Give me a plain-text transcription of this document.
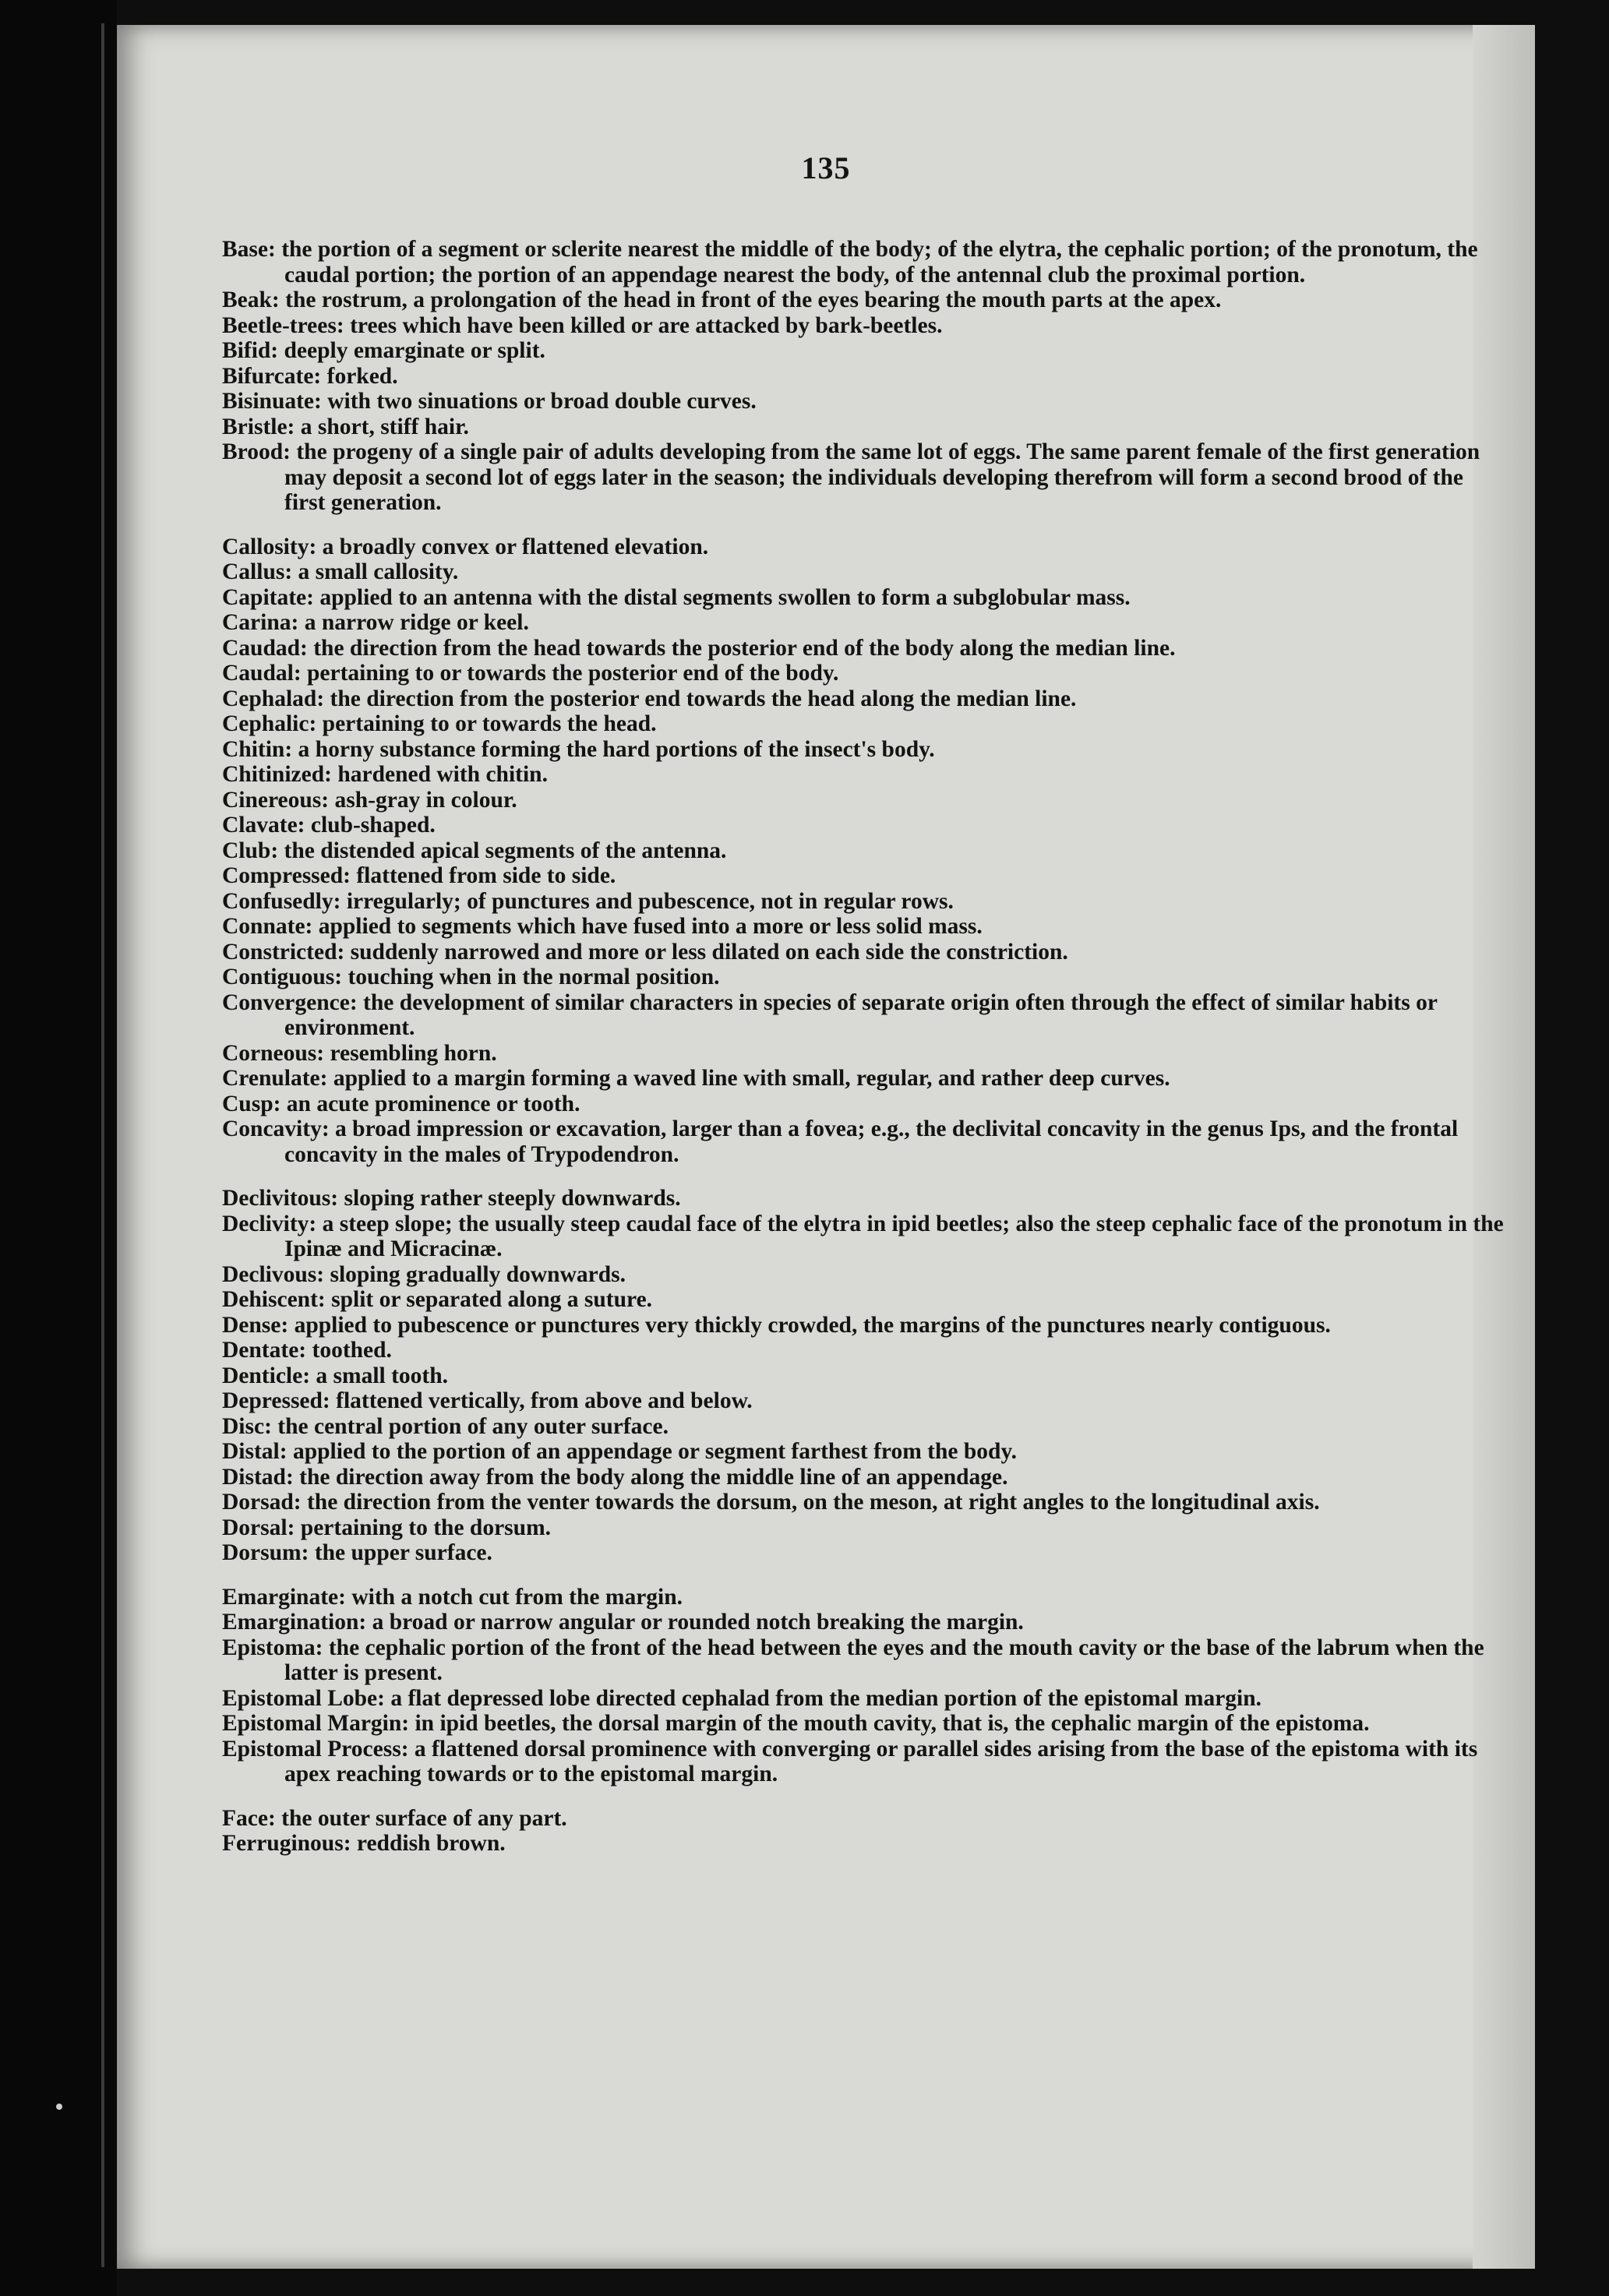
135

Base: the portion of a segment or sclerite nearest the middle of the body; of the elytra, the cephalic portion; of the pronotum, the caudal portion; the portion of an appendage nearest the body, of the antennal club the proximal portion.

Beak: the rostrum, a prolongation of the head in front of the eyes bearing the mouth parts at the apex.

Beetle-trees: trees which have been killed or are attacked by bark-beetles.

Bifid: deeply emarginate or split.

Bifurcate: forked.

Bisinuate: with two sinuations or broad double curves.

Bristle: a short, stiff hair.

Brood: the progeny of a single pair of adults developing from the same lot of eggs. The same parent female of the first generation may deposit a second lot of eggs later in the season; the individuals developing therefrom will form a second brood of the first generation.

Callosity: a broadly convex or flattened elevation.

Callus: a small callosity.

Capitate: applied to an antenna with the distal segments swollen to form a subglobular mass.

Carina: a narrow ridge or keel.

Caudad: the direction from the head towards the posterior end of the body along the median line.

Caudal: pertaining to or towards the posterior end of the body.

Cephalad: the direction from the posterior end towards the head along the median line.

Cephalic: pertaining to or towards the head.

Chitin: a horny substance forming the hard portions of the insect's body.

Chitinized: hardened with chitin.

Cinereous: ash-gray in colour.

Clavate: club-shaped.

Club: the distended apical segments of the antenna.

Compressed: flattened from side to side.

Confusedly: irregularly; of punctures and pubescence, not in regular rows.

Connate: applied to segments which have fused into a more or less solid mass.

Constricted: suddenly narrowed and more or less dilated on each side the constriction.

Contiguous: touching when in the normal position.

Convergence: the development of similar characters in species of separate origin often through the effect of similar habits or environment.

Corneous: resembling horn.

Crenulate: applied to a margin forming a waved line with small, regular, and rather deep curves.

Cusp: an acute prominence or tooth.

Concavity: a broad impression or excavation, larger than a fovea; e.g., the declivital concavity in the genus Ips, and the frontal concavity in the males of Trypodendron.

Declivitous: sloping rather steeply downwards.

Declivity: a steep slope; the usually steep caudal face of the elytra in ipid beetles; also the steep cephalic face of the pronotum in the Ipinæ and Micracinæ.

Declivous: sloping gradually downwards.

Dehiscent: split or separated along a suture.

Dense: applied to pubescence or punctures very thickly crowded, the margins of the punctures nearly contiguous.

Dentate: toothed.

Denticle: a small tooth.

Depressed: flattened vertically, from above and below.

Disc: the central portion of any outer surface.

Distal: applied to the portion of an appendage or segment farthest from the body.

Distad: the direction away from the body along the middle line of an appendage.

Dorsad: the direction from the venter towards the dorsum, on the meson, at right angles to the longitudinal axis.

Dorsal: pertaining to the dorsum.

Dorsum: the upper surface.

Emarginate: with a notch cut from the margin.

Emargination: a broad or narrow angular or rounded notch breaking the margin.

Epistoma: the cephalic portion of the front of the head between the eyes and the mouth cavity or the base of the labrum when the latter is present.

Epistomal Lobe: a flat depressed lobe directed cephalad from the median portion of the epistomal margin.

Epistomal Margin: in ipid beetles, the dorsal margin of the mouth cavity, that is, the cephalic margin of the epistoma.

Epistomal Process: a flattened dorsal prominence with converging or parallel sides arising from the base of the epistoma with its apex reaching towards or to the epistomal margin.

Face: the outer surface of any part.

Ferruginous: reddish brown.
